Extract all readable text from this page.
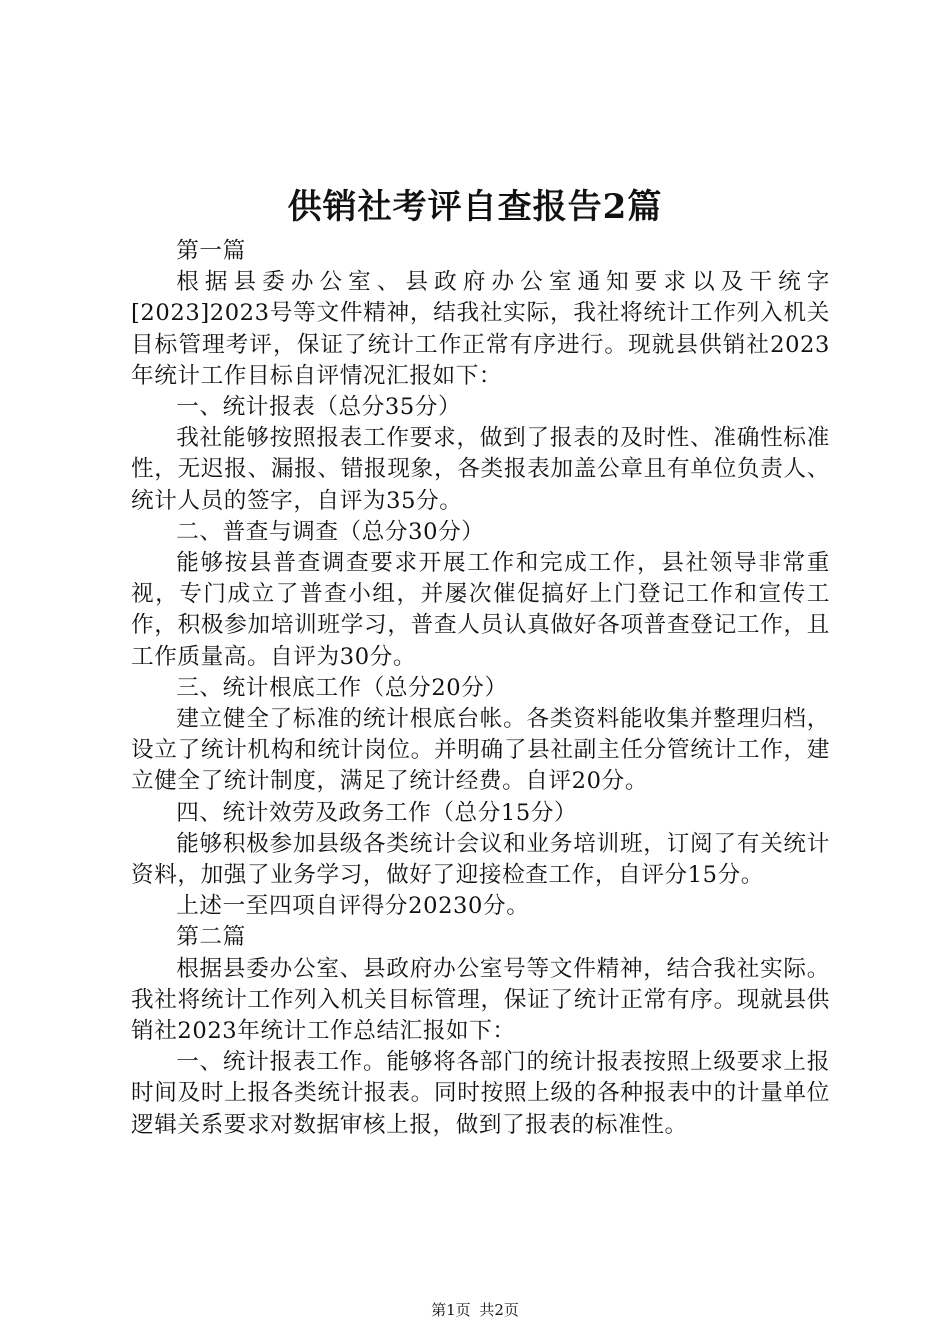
供销社考评自查报告2篇

第一篇

根据县委办公室、县政府办公室通知要求以及干统字[2023]2023号等文件精神，结我社实际，我社将统计工作列入机关目标管理考评，保证了统计工作正常有序进行。现就县供销社2023年统计工作目标自评情况汇报如下：

一、统计报表（总分35分）

我社能够按照报表工作要求，做到了报表的及时性、准确性标准性，无迟报、漏报、错报现象，各类报表加盖公章且有单位负责人、统计人员的签字，自评为35分。

二、普查与调查（总分30分）

能够按县普查调查要求开展工作和完成工作，县社领导非常重视，专门成立了普查小组，并屡次催促搞好上门登记工作和宣传工作，积极参加培训班学习，普查人员认真做好各项普查登记工作，且工作质量高。自评为30分。

三、统计根底工作（总分20分）

建立健全了标准的统计根底台帐。各类资料能收集并整理归档，设立了统计机构和统计岗位。并明确了县社副主任分管统计工作，建立健全了统计制度，满足了统计经费。自评20分。

四、统计效劳及政务工作（总分15分）

能够积极参加县级各类统计会议和业务培训班，订阅了有关统计资料，加强了业务学习，做好了迎接检查工作，自评分15分。

上述一至四项自评得分20230分。

第二篇

根据县委办公室、县政府办公室号等文件精神，结合我社实际。我社将统计工作列入机关目标管理，保证了统计正常有序。现就县供销社2023年统计工作总结汇报如下：

一、统计报表工作。能够将各部门的统计报表按照上级要求上报时间及时上报各类统计报表。同时按照上级的各种报表中的计量单位逻辑关系要求对数据审核上报，做到了报表的标准性。

第1页 共2页
